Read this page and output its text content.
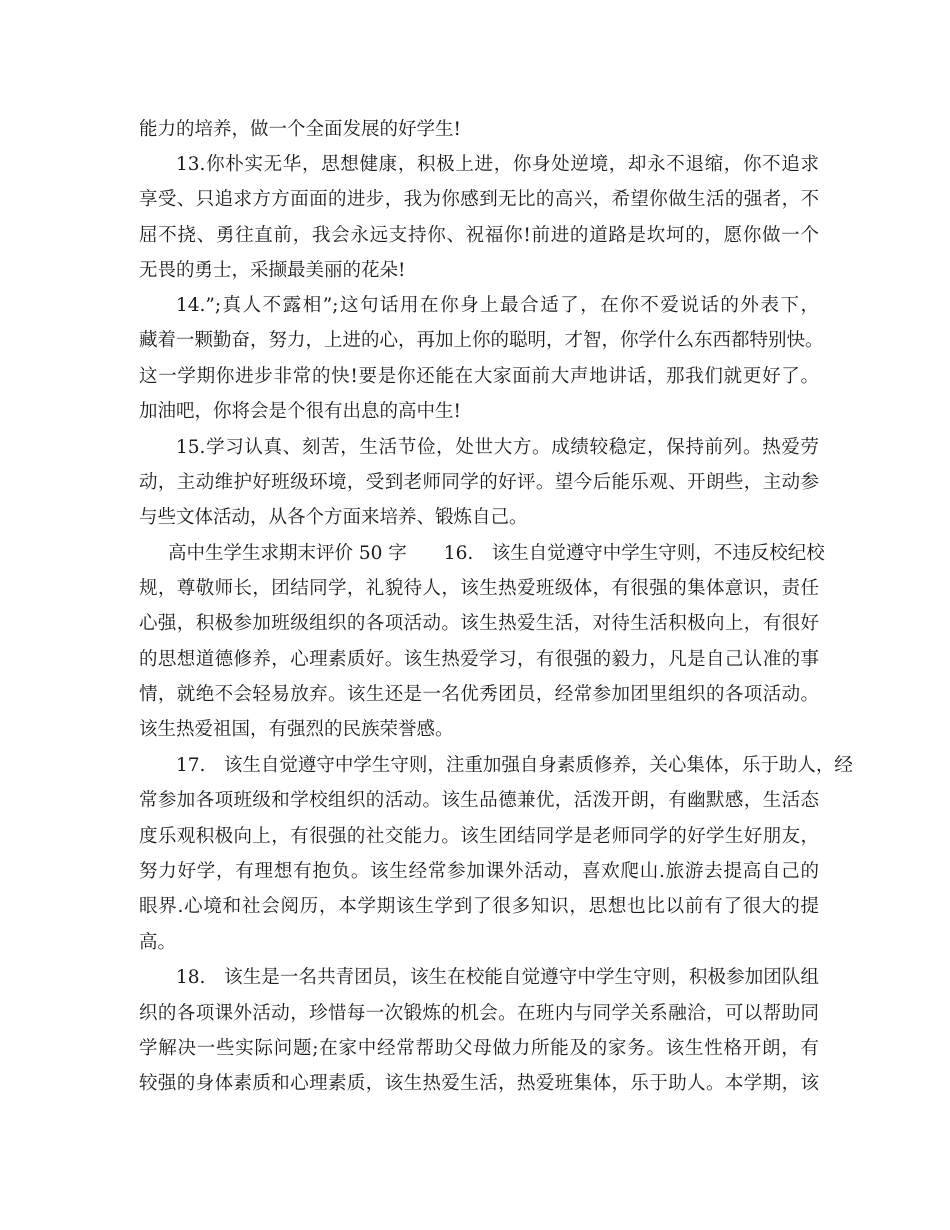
能力的培养，做一个全面发展的好学生!
13.你朴实无华，思想健康，积极上进，你身处逆境，却永不退缩，你不追求
享受、只追求方方面面的进步，我为你感到无比的高兴，希望你做生活的强者，不
屈不挠、勇往直前，我会永远支持你、祝福你!前进的道路是坎坷的，愿你做一个
无畏的勇士，采撷最美丽的花朵!
14.”;真人不露相”;这句话用在你身上最合适了，在你不爱说话的外表下，
藏着一颗勤奋，努力，上进的心，再加上你的聪明，才智，你学什么东西都特别快。
这一学期你进步非常的快!要是你还能在大家面前大声地讲话，那我们就更好了。
加油吧，你将会是个很有出息的高中生!
15.学习认真、刻苦，生活节俭，处世大方。成绩较稳定，保持前列。热爱劳
动，主动维护好班级环境，受到老师同学的好评。望今后能乐观、开朗些，主动参
与些文体活动，从各个方面来培养、锻炼自己。
高中生学生求期末评价 50 字　　16.　该生自觉遵守中学生守则，不违反校纪校
规，尊敬师长，团结同学，礼貌待人，该生热爱班级体，有很强的集体意识，责任
心强，积极参加班级组织的各项活动。该生热爱生活，对待生活积极向上，有很好
的思想道德修养，心理素质好。该生热爱学习，有很强的毅力，凡是自己认准的事
情，就绝不会轻易放弃。该生还是一名优秀团员，经常参加团里组织的各项活动。
该生热爱祖国，有强烈的民族荣誉感。
17.　该生自觉遵守中学生守则，注重加强自身素质修养，关心集体，乐于助人，经
常参加各项班级和学校组织的活动。该生品德兼优，活泼开朗，有幽默感，生活态
度乐观积极向上，有很强的社交能力。该生团结同学是老师同学的好学生好朋友，
努力好学，有理想有抱负。该生经常参加课外活动，喜欢爬山.旅游去提高自己的
眼界.心境和社会阅历，本学期该生学到了很多知识，思想也比以前有了很大的提
高。
18.　该生是一名共青团员，该生在校能自觉遵守中学生守则，积极参加团队组
织的各项课外活动，珍惜每一次锻炼的机会。在班内与同学关系融洽，可以帮助同
学解决一些实际问题;在家中经常帮助父母做力所能及的家务。该生性格开朗，有
较强的身体素质和心理素质，该生热爱生活，热爱班集体，乐于助人。本学期，该
